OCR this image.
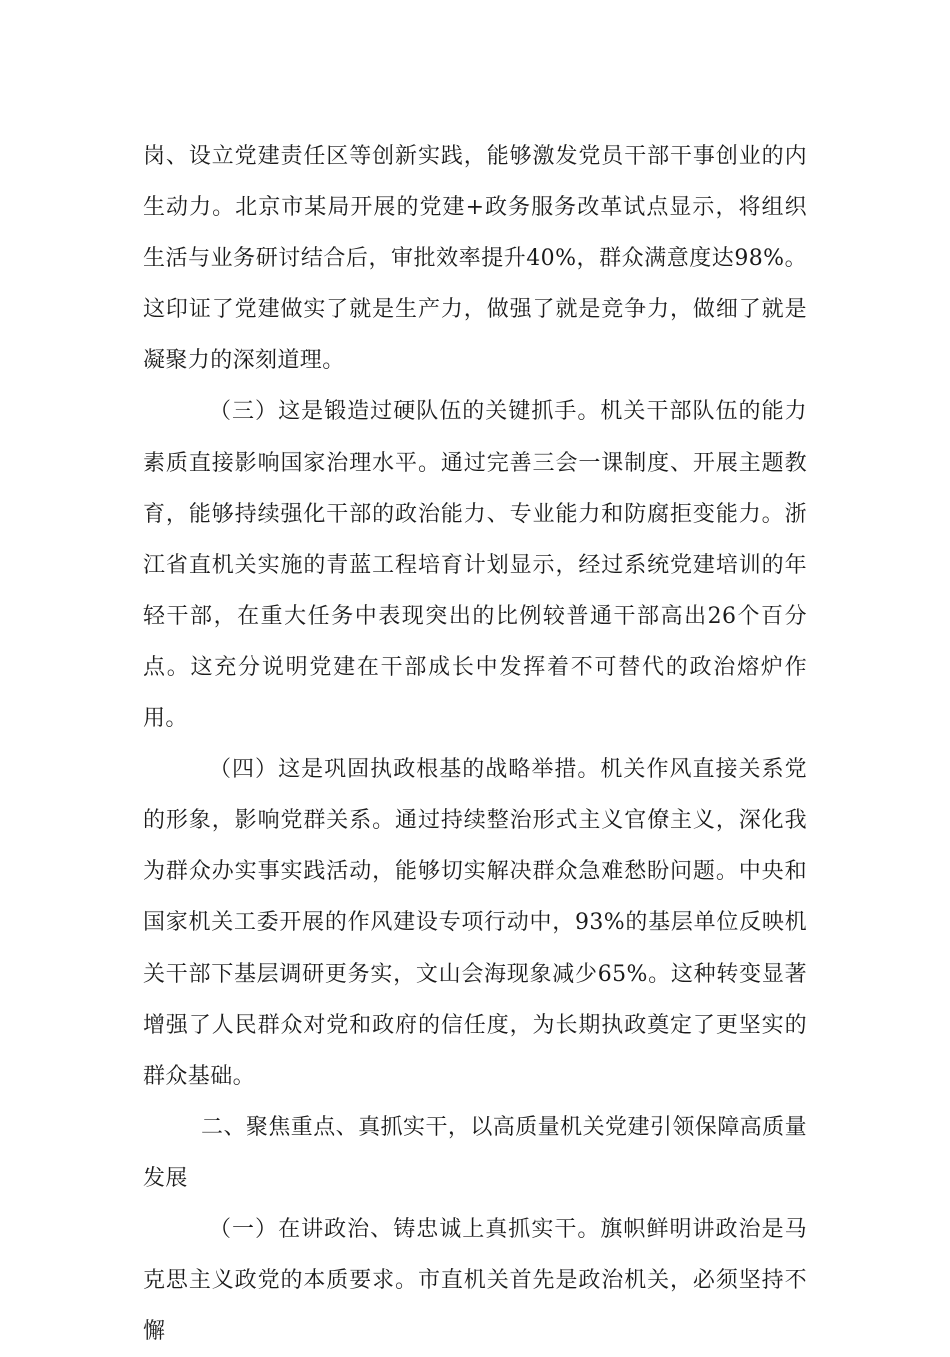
岗、设立党建责任区等创新实践，能够激发党员干部干事创业的内生动力。北京市某局开展的党建+政务服务改革试点显示，将组织生活与业务研讨结合后，审批效率提升40%，群众满意度达98%。这印证了党建做实了就是生产力，做强了就是竞争力，做细了就是凝聚力的深刻道理。

（三）这是锻造过硬队伍的关键抓手。机关干部队伍的能力素质直接影响国家治理水平。通过完善三会一课制度、开展主题教育，能够持续强化干部的政治能力、专业能力和防腐拒变能力。浙江省直机关实施的青蓝工程培育计划显示，经过系统党建培训的年轻干部，在重大任务中表现突出的比例较普通干部高出26个百分点。这充分说明党建在干部成长中发挥着不可替代的政治熔炉作用。

（四）这是巩固执政根基的战略举措。机关作风直接关系党的形象，影响党群关系。通过持续整治形式主义官僚主义，深化我为群众办实事实践活动，能够切实解决群众急难愁盼问题。中央和国家机关工委开展的作风建设专项行动中，93%的基层单位反映机关干部下基层调研更务实，文山会海现象减少65%。这种转变显著增强了人民群众对党和政府的信任度，为长期执政奠定了更坚实的群众基础。

二、聚焦重点、真抓实干，以高质量机关党建引领保障高质量发展

（一）在讲政治、铸忠诚上真抓实干。旗帜鲜明讲政治是马克思主义政党的本质要求。市直机关首先是政治机关，必须坚持不懈
